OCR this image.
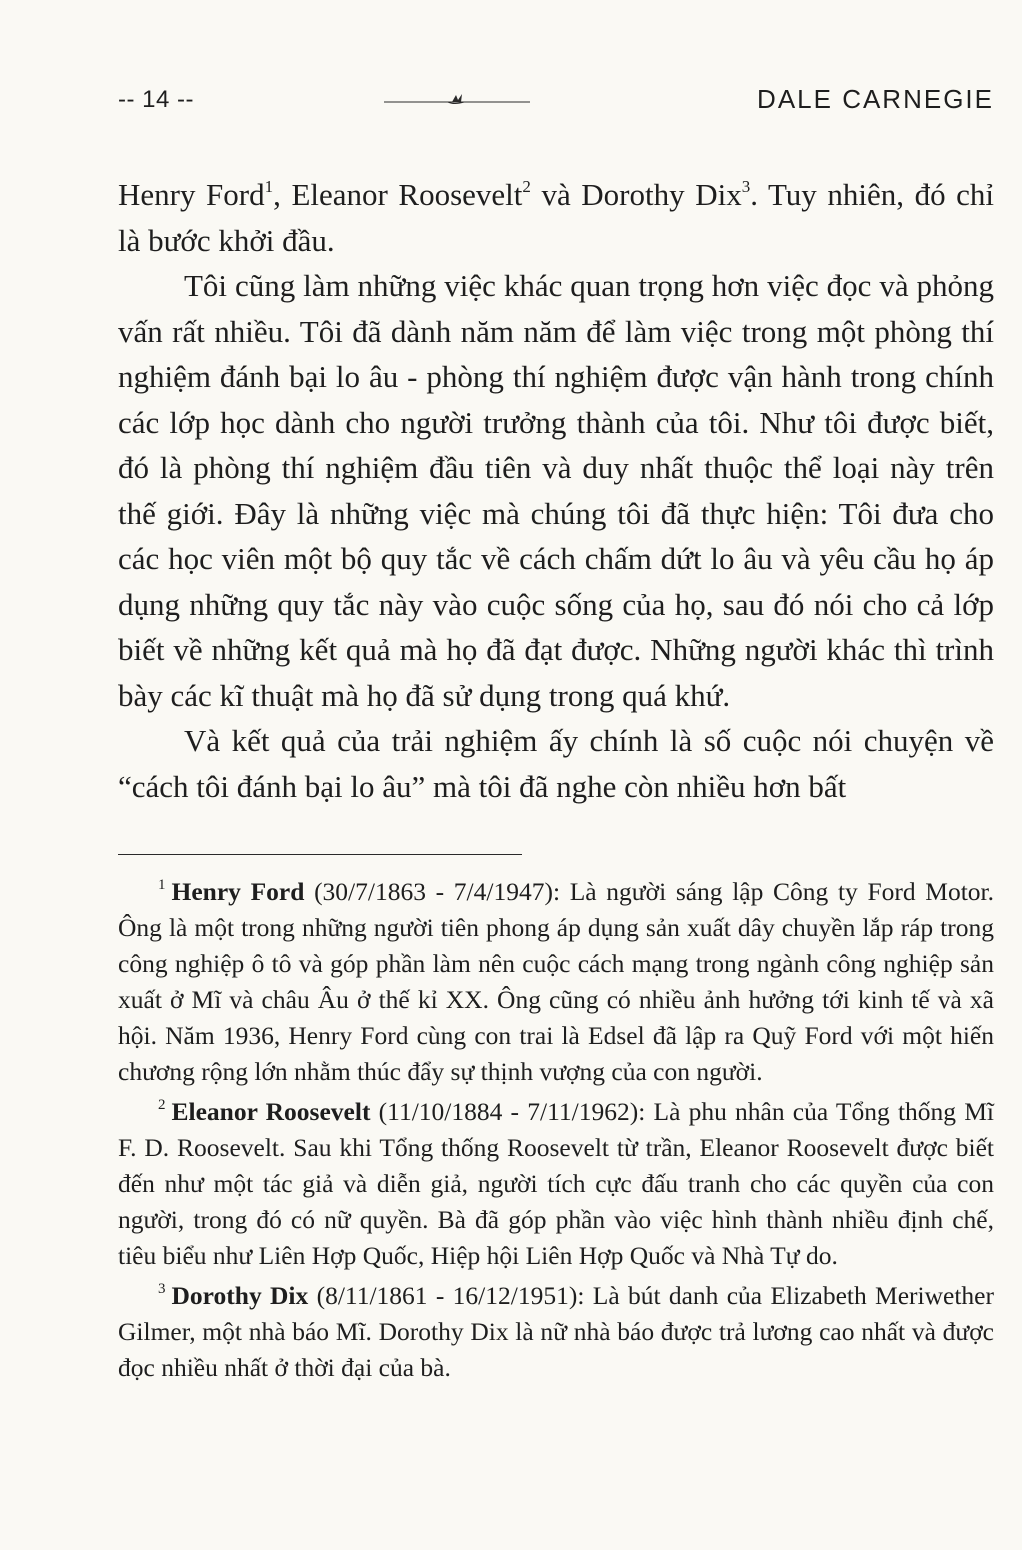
-- 14 --	DALE CARNEGIE

Henry Ford$^1$, Eleanor Roosevelt$^2$ và Dorothy Dix$^3$. Tuy nhiên, đó chỉ là bước khởi đầu.

Tôi cũng làm những việc khác quan trọng hơn việc đọc và phỏng vấn rất nhiều. Tôi đã dành năm năm để làm việc trong một phòng thí nghiệm đánh bại lo âu - phòng thí nghiệm được vận hành trong chính các lớp học dành cho người trưởng thành của tôi. Như tôi được biết, đó là phòng thí nghiệm đầu tiên và duy nhất thuộc thể loại này trên thế giới. Đây là những việc mà chúng tôi đã thực hiện: Tôi đưa cho các học viên một bộ quy tắc về cách chấm dứt lo âu và yêu cầu họ áp dụng những quy tắc này vào cuộc sống của họ, sau đó nói cho cả lớp biết về những kết quả mà họ đã đạt được. Những người khác thì trình bày các kĩ thuật mà họ đã sử dụng trong quá khứ.

Và kết quả của trải nghiệm ấy chính là số cuộc nói chuyện về “cách tôi đánh bại lo âu” mà tôi đã nghe còn nhiều hơn bất

$^1$ Henry Ford (30/7/1863 - 7/4/1947): Là người sáng lập Công ty Ford Motor. Ông là một trong những người tiên phong áp dụng sản xuất dây chuyền lắp ráp trong công nghiệp ô tô và góp phần làm nên cuộc cách mạng trong ngành công nghiệp sản xuất ở Mĩ và châu Âu ở thế kỉ XX. Ông cũng có nhiều ảnh hưởng tới kinh tế và xã hội. Năm 1936, Henry Ford cùng con trai là Edsel đã lập ra Quỹ Ford với một hiến chương rộng lớn nhằm thúc đẩy sự thịnh vượng của con người.

$^2$ Eleanor Roosevelt (11/10/1884 - 7/11/1962): Là phu nhân của Tổng thống Mĩ F. D. Roosevelt. Sau khi Tổng thống Roosevelt từ trần, Eleanor Roosevelt được biết đến như một tác giả và diễn giả, người tích cực đấu tranh cho các quyền của con người, trong đó có nữ quyền. Bà đã góp phần vào việc hình thành nhiều định chế, tiêu biểu như Liên Hợp Quốc, Hiệp hội Liên Hợp Quốc và Nhà Tự do.

$^3$ Dorothy Dix (8/11/1861 - 16/12/1951): Là bút danh của Elizabeth Meriwether Gilmer, một nhà báo Mĩ. Dorothy Dix là nữ nhà báo được trả lương cao nhất và được đọc nhiều nhất ở thời đại của bà.
